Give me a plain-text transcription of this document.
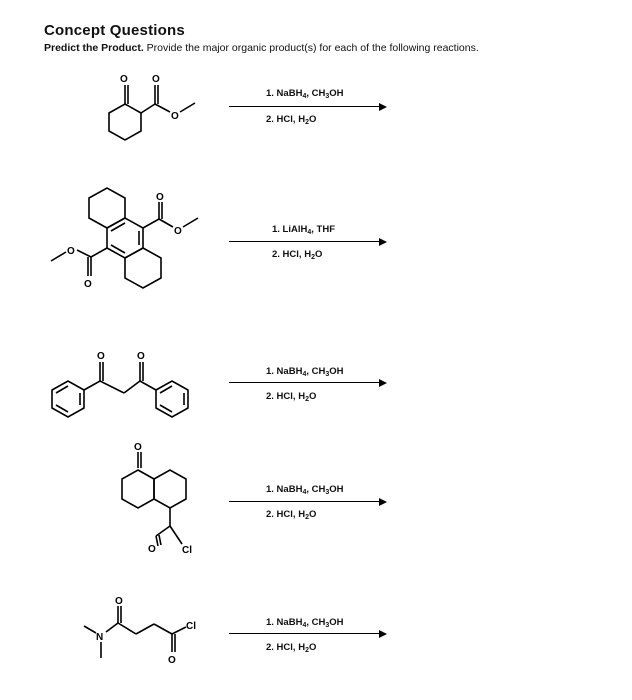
Concept Questions
Predict the Product. Provide the major organic product(s) for each of the following reactions.
O O
O
1. NaBH$_4$, $CH_3OH$
2. HCl, $H_2O$
O
O
O
O
1. LiAlH$_4$, THF
2. HCl, $H_2O$
O	O
1. NaBH$_4$, $CH_3OH$
2. HCl, $H_2O$
O
O	Cl
1. NaBH$_4$, $CH_3OH$
2. HCl, $H_2O$
N
O
O
Cl	1. NaBH$_4$, $CH_3OH$
2. HCl, $H_2O$
